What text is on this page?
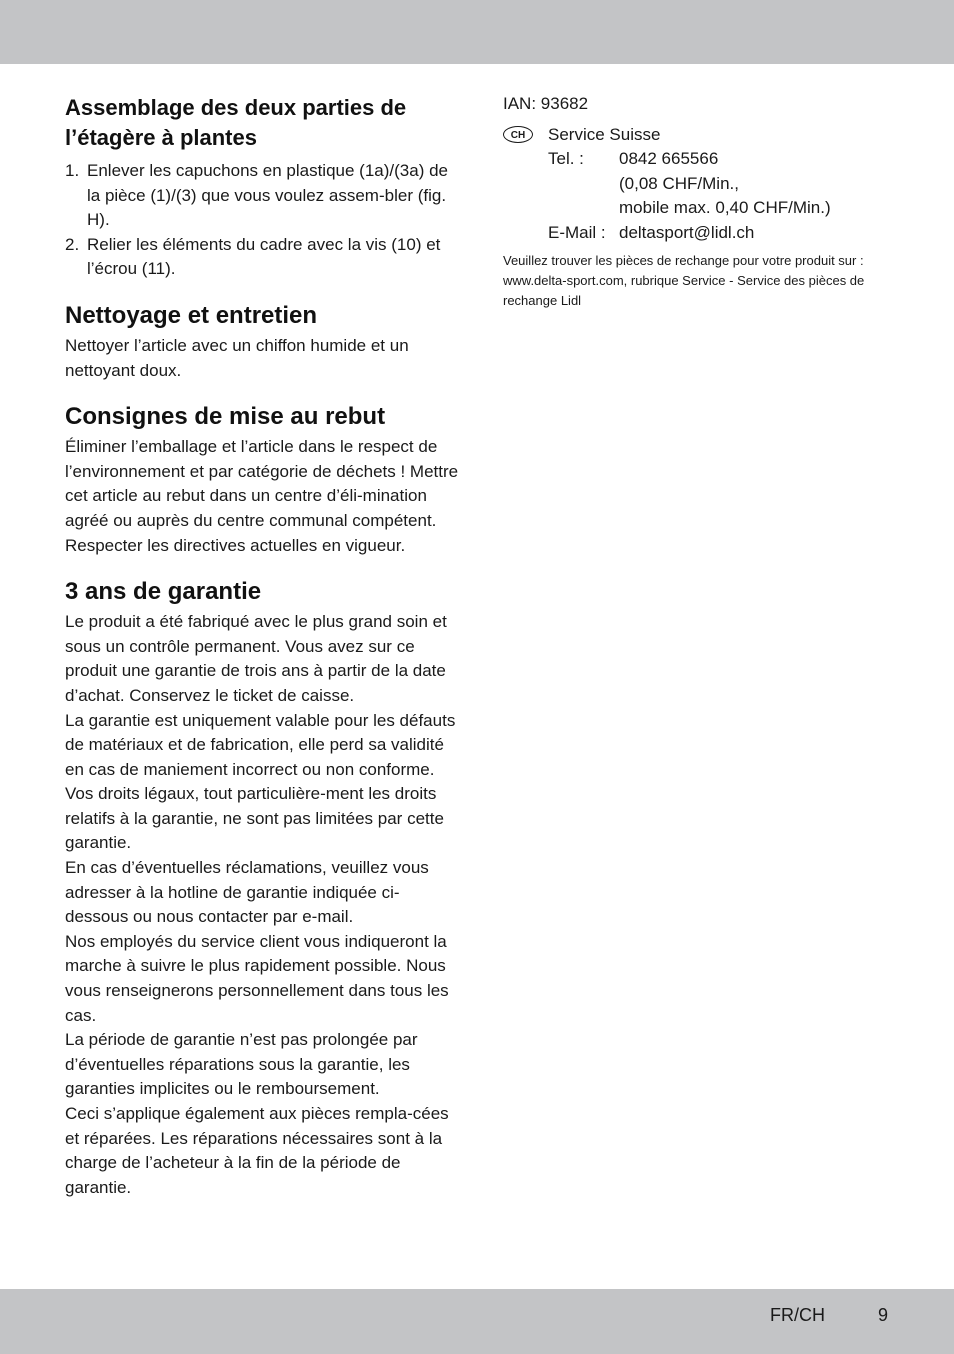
Assemblage des deux parties de l’étagère à plantes
1. Enlever les capuchons en plastique (1a)/(3a) de la pièce (1)/(3) que vous voulez assem-bler (fig. H).
2. Relier les éléments du cadre avec la vis (10) et l’écrou (11).
Nettoyage et entretien

Nettoyer l’article avec un chiffon humide et un nettoyant doux.

Consignes de mise au rebut

Éliminer l’emballage et l’article dans le respect de l’environnement et par catégorie de déchets ! Mettre cet article au rebut dans un centre d’éli-mination agréé ou auprès du centre communal compétent. Respecter les directives actuelles en vigueur.

3 ans de garantie

Le produit a été fabriqué avec le plus grand soin et sous un contrôle permanent. Vous avez sur ce produit une garantie de trois ans à partir de la date d’achat. Conservez le ticket de caisse.

La garantie est uniquement valable pour les défauts de matériaux et de fabrication, elle perd sa validité en cas de maniement incorrect ou non conforme. Vos droits légaux, tout particulière-ment les droits relatifs à la garantie, ne sont pas limitées par cette garantie.

En cas d’éventuelles réclamations, veuillez vous adresser à la hotline de garantie indiquée ci-dessous ou nous contacter par e-mail.

Nos employés du service client vous indiqueront la marche à suivre le plus rapidement possible. Nous vous renseignerons personnellement dans tous les cas.

La période de garantie n’est pas prolongée par d’éventuelles réparations sous la garantie, les garanties implicites ou le remboursement.

Ceci s’applique également aux pièces rempla-cées et réparées. Les réparations nécessaires sont à la charge de l’acheteur à la fin de la période de garantie.

IAN: 93682
CH	Service Suisse
Tel. :	0842 665566
(0,08 CHF/Min.,
mobile max. 0,40 CHF/Min.)
E-Mail : deltasport@lidl.ch
Veuillez trouver les pièces de rechange pour votre produit sur : www.delta-sport.com, rubrique Service - Service des pièces de rechange Lidl
FR/CH	9
